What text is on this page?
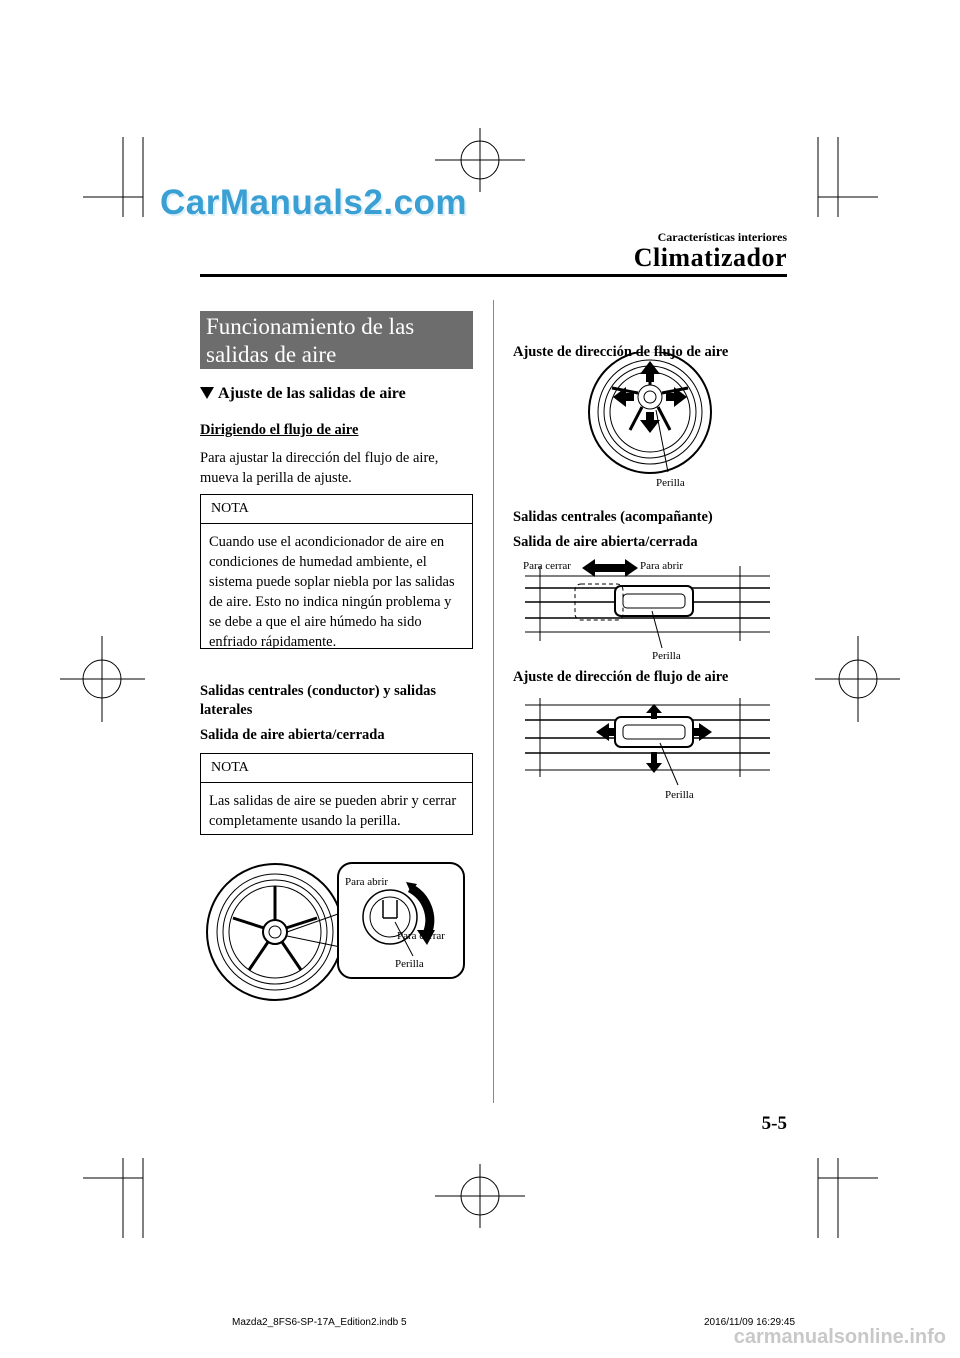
CarManuals2.com
Características interiores
Climatizador
Funcionamiento de las
salidas de aire
Ajuste de las salidas de aire
Dirigiendo el flujo de aire
Para ajustar la dirección del flujo de aire, mueva la perilla de ajuste.
NOTA
Cuando use el acondicionador de aire en condiciones de humedad ambiente, el sistema puede soplar niebla por las salidas de aire. Esto no indica ningún problema y se debe a que el aire húmedo ha sido enfriado rápidamente.
Salidas centrales (conductor) y salidas laterales
Salida de aire abierta/cerrada
NOTA
Las salidas de aire se pueden abrir y cerrar completamente usando la perilla.
Para abrir
Para cerrar
Perilla
Ajuste de dirección de flujo de aire
Perilla
Salidas centrales (acompañante)
Salida de aire abierta/cerrada
Para cerrar	Para abrir
Perilla
Ajuste de dirección de flujo de aire
Perilla
5-5
Mazda2_8FS6-SP-17A_Edition2.indb 5	2016/11/09 16:29:45
carmanualsonline.info
